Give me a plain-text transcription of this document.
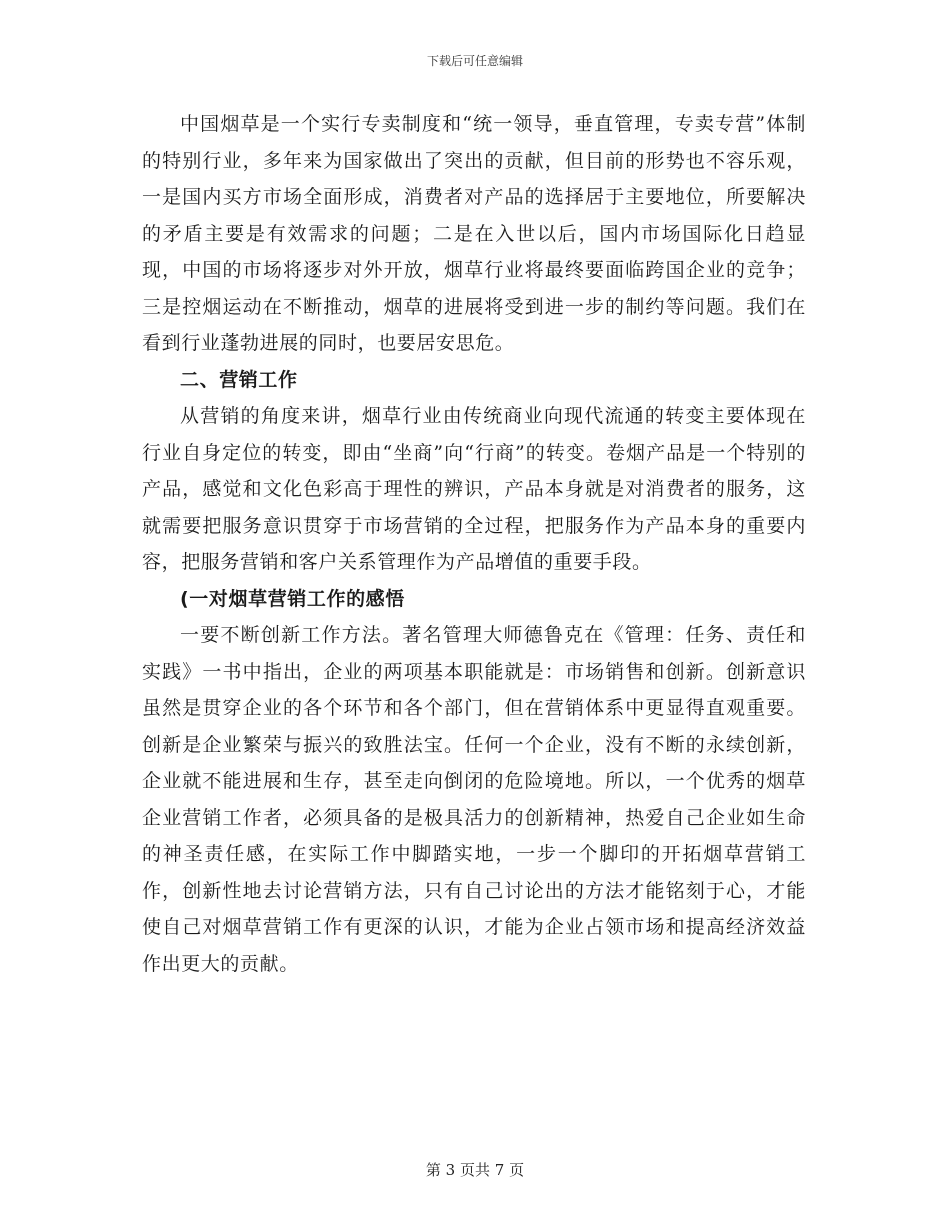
下载后可任意编辑

中国烟草是一个实行专卖制度和“统一领导，垂直管理，专卖专营”体制的特别行业，多年来为国家做出了突出的贡献，但目前的形势也不容乐观，一是国内买方市场全面形成，消费者对产品的选择居于主要地位，所要解决的矛盾主要是有效需求的问题；二是在入世以后，国内市场国际化日趋显现，中国的市场将逐步对外开放，烟草行业将最终要面临跨国企业的竞争；三是控烟运动在不断推动，烟草的进展将受到进一步的制约等问题。我们在看到行业蓬勃进展的同时，也要居安思危。

二、营销工作

从营销的角度来讲，烟草行业由传统商业向现代流通的转变主要体现在行业自身定位的转变，即由“坐商”向“行商”的转变。卷烟产品是一个特别的产品，感觉和文化色彩高于理性的辨识，产品本身就是对消费者的服务，这就需要把服务意识贯穿于市场营销的全过程，把服务作为产品本身的重要内容，把服务营销和客户关系管理作为产品增值的重要手段。

(一对烟草营销工作的感悟

一要不断创新工作方法。著名管理大师德鲁克在《管理：任务、责任和实践》一书中指出，企业的两项基本职能就是：市场销售和创新。创新意识虽然是贯穿企业的各个环节和各个部门，但在营销体系中更显得直观重要。创新是企业繁荣与振兴的致胜法宝。任何一个企业，没有不断的永续创新，企业就不能进展和生存，甚至走向倒闭的危险境地。所以，一个优秀的烟草企业营销工作者，必须具备的是极具活力的创新精神，热爱自己企业如生命的神圣责任感，在实际工作中脚踏实地，一步一个脚印的开拓烟草营销工作，创新性地去讨论营销方法，只有自己讨论出的方法才能铭刻于心，才能使自己对烟草营销工作有更深的认识，才能为企业占领市场和提高经济效益作出更大的贡献。

第 3 页共 7 页
